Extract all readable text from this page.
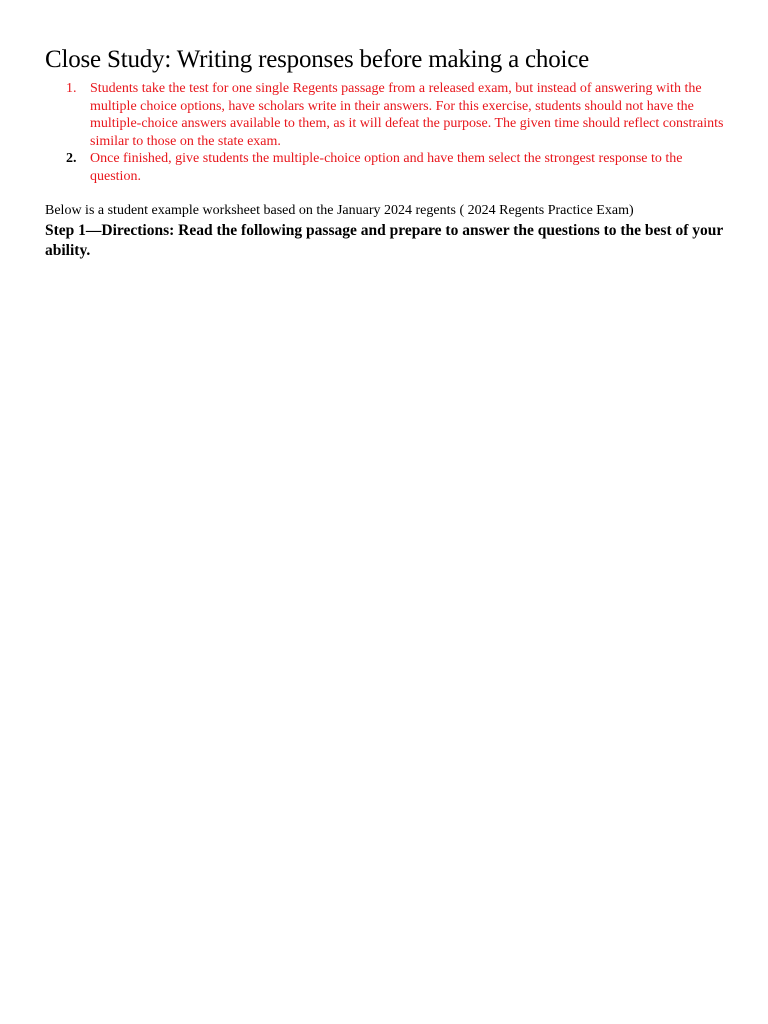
Close Study: Writing responses before making a choice
1. Students take the test for one single Regents passage from a released exam, but instead of answering with the multiple choice options, have scholars write in their answers. For this exercise, students should not have the multiple-choice answers available to them, as it will defeat the purpose. The given time should reflect constraints similar to those on the state exam.
2. Once finished, give students the multiple-choice option and have them select the strongest response to the question.

Below is a student example worksheet based on the January 2024 regents ( 2024 Regents Practice Exam)

Step 1—Directions: Read the following passage and prepare to answer the questions to the best of your ability.
